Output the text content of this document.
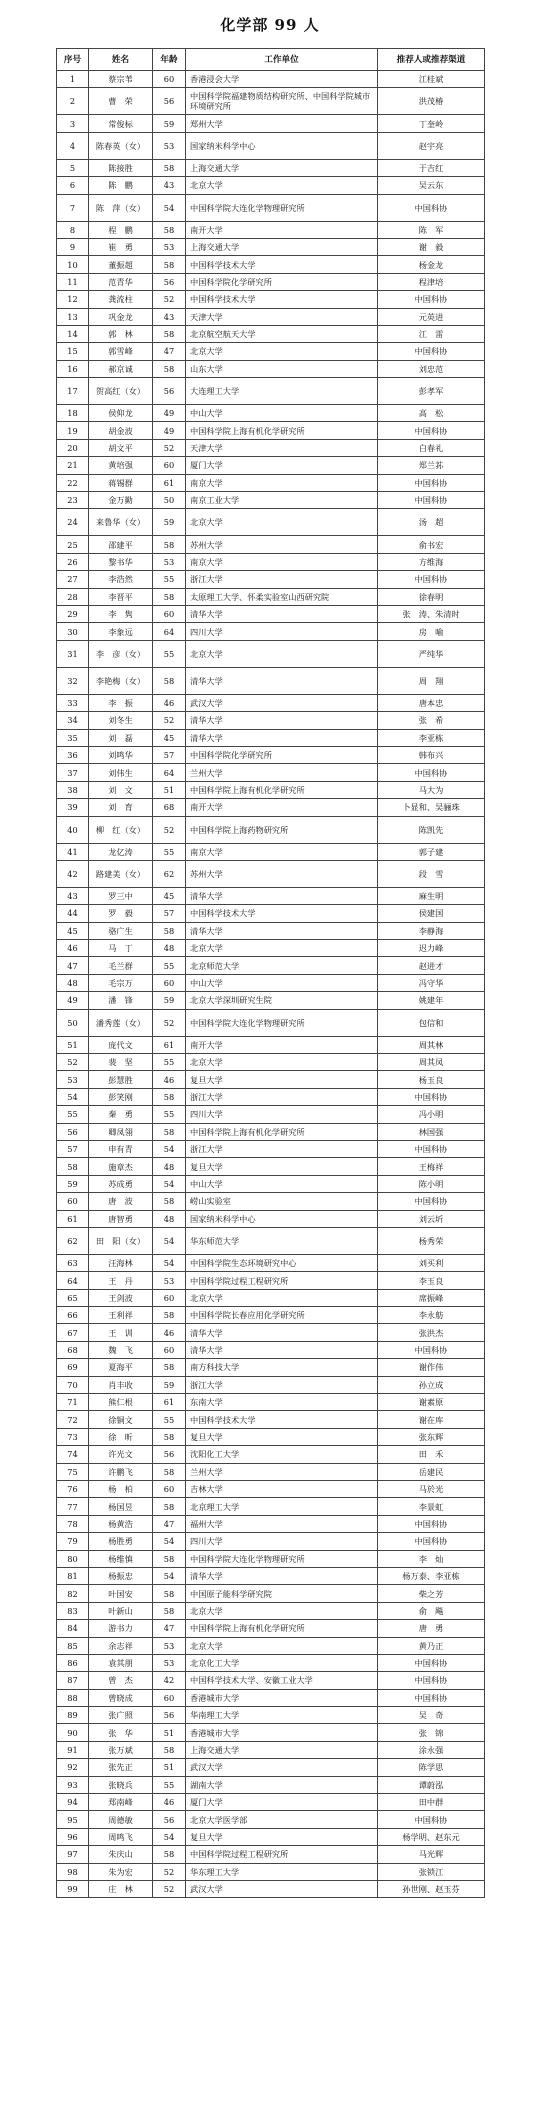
化学部 99 人
序号	姓名	年龄	工作单位	推荐人或推荐渠道
1	蔡宗苇	60	香港浸会大学	江桂斌
2	曹　荣	56	中国科学院福建物质结构研究所、中国科学院城市环境研究所	洪茂椿
3	常俊标	59	郑州大学	丁奎岭
4	陈春英（女）	53	国家纳米科学中心	赵宇亮
5	陈接胜	58	上海交通大学	于吉红
6	陈　鹏	43	北京大学	吴云东
7	陈　萍（女）	54	中国科学院大连化学物理研究所	中国科协
8	程　鹏	58	南开大学	陈　军
9	崔　勇	53	上海交通大学	谢　毅
10	董振超	58	中国科学技术大学	杨金龙
11	范青华	56	中国科学院化学研究所	程津培
12	龚流柱	52	中国科学技术大学	中国科协
13	巩金龙	43	天津大学	元英进
14	郭　林	58	北京航空航天大学	江　雷
15	郭雪峰	47	北京大学	中国科协
16	郝京诚	58	山东大学	刘忠范
17	贺高红（女）	56	大连理工大学	彭孝军
18	侯仰龙	49	中山大学	高　松
19	胡金波	49	中国科学院上海有机化学研究所	中国科协
20	胡文平	52	天津大学	白春礼
21	黄培强	60	厦门大学	郑兰荪
22	蒋锡群	61	南京大学	中国科协
23	金万勤	50	南京工业大学	中国科协
24	来鲁华（女）	59	北京大学	汤　超
25	邵建平	58	苏州大学	俞书宏
26	黎书华	53	南京大学	方维海
27	李浩然	55	浙江大学	中国科协
28	李晋平	58	太原理工大学、怀柔实验室山西研究院	徐春明
29	李　隽	60	清华大学	张　涛、朱清时
30	李象远	64	四川大学	房　喻
31	李　彦（女）	55	北京大学	严纯华
32	李艳梅（女）	58	清华大学	周　翔
33	李　振	46	武汉大学	唐本忠
34	刘冬生	52	清华大学	张　希
35	刘　磊	45	清华大学	李亚栋
36	刘鸣华	57	中国科学院化学研究所	韩布兴
37	刘伟生	64	兰州大学	中国科协
38	刘　文	51	中国科学院上海有机化学研究所	马大为
39	刘　育	68	南开大学	卜显和、吴骊珠
40	柳　红（女）	52	中国科学院上海药物研究所	陈凯先
41	龙亿涛	55	南京大学	郭子建
42	路建美（女）	62	苏州大学	段　雪
43	罗三中	45	清华大学	麻生明
44	罗　毅	57	中国科学技术大学	侯建国
45	骆广生	58	清华大学	李静海
46	马　丁	48	北京大学	迟力峰
47	毛兰群	55	北京师范大学	赵进才
48	毛宗万	60	中山大学	冯守华
49	潘　锋	59	北京大学深圳研究生院	姚建年
50	潘秀莲（女）	52	中国科学院大连化学物理研究所	包信和
51	庞代文	61	南开大学	周其林
52	裴　坚	55	北京大学	周其凤
53	彭慧胜	46	复旦大学	杨玉良
54	彭笑刚	58	浙江大学	中国科协
55	秦　勇	55	四川大学	冯小明
56	卿凤翎	58	中国科学院上海有机化学研究所	林国强
57	申有青	54	浙江大学	中国科协
58	施章杰	48	复旦大学	王梅祥
59	苏成勇	54	中山大学	陈小明
60	唐　波	58	崂山实验室	中国科协
61	唐智勇	48	国家纳米科学中心	刘云圻
62	田　阳（女）	54	华东师范大学	杨秀荣
63	汪海林	54	中国科学院生态环境研究中心	刘买利
64	王　丹	53	中国科学院过程工程研究所	李玉良
65	王剑波	60	北京大学	席振峰
66	王利祥	58	中国科学院长春应用化学研究所	李永舫
67	王　训	46	清华大学	张洪杰
68	魏　飞	60	清华大学	中国科协
69	夏海平	58	南方科技大学	谢作伟
70	肖丰收	59	浙江大学	孙立成
71	熊仁根	61	东南大学	谢素原
72	徐铜文	55	中国科学技术大学	谢在库
73	徐　昕	58	复旦大学	张东辉
74	许光文	56	沈阳化工大学	田　禾
75	许鹏飞	58	兰州大学	岳建民
76	杨　柏	60	吉林大学	马於光
77	杨国昱	58	北京理工大学	李景虹
78	杨黄浩	47	福州大学	中国科协
79	杨胜勇	54	四川大学	中国科协
80	杨维慎	58	中国科学院大连化学物理研究所	李　灿
81	杨振忠	54	清华大学	杨万泰、李亚栋
82	叶国安	58	中国原子能科学研究院	柴之芳
83	叶新山	58	北京大学	俞　飚
84	游书力	47	中国科学院上海有机化学研究所	唐　勇
85	余志祥	53	北京大学	黄乃正
86	袁其朋	53	北京化工大学	中国科协
87	曾　杰	42	中国科学技术大学、安徽工业大学	中国科协
88	曾晓成	60	香港城市大学	中国科协
89	张广照	56	华南理工大学	吴　奇
90	张　华	51	香港城市大学	张　锦
91	张万斌	58	上海交通大学	涂永强
92	张先正	51	武汉大学	陈学思
93	张晓兵	55	湖南大学	谭蔚泓
94	郑南峰	46	厦门大学	田中群
95	周德敏	56	北京大学医学部	中国科协
96	周鸣飞	54	复旦大学	杨学明、赵东元
97	朱庆山	58	中国科学院过程工程研究所	马光辉
98	朱为宏	52	华东理工大学	张锁江
99	庄　林	52	武汉大学	孙世刚、赵玉芬
